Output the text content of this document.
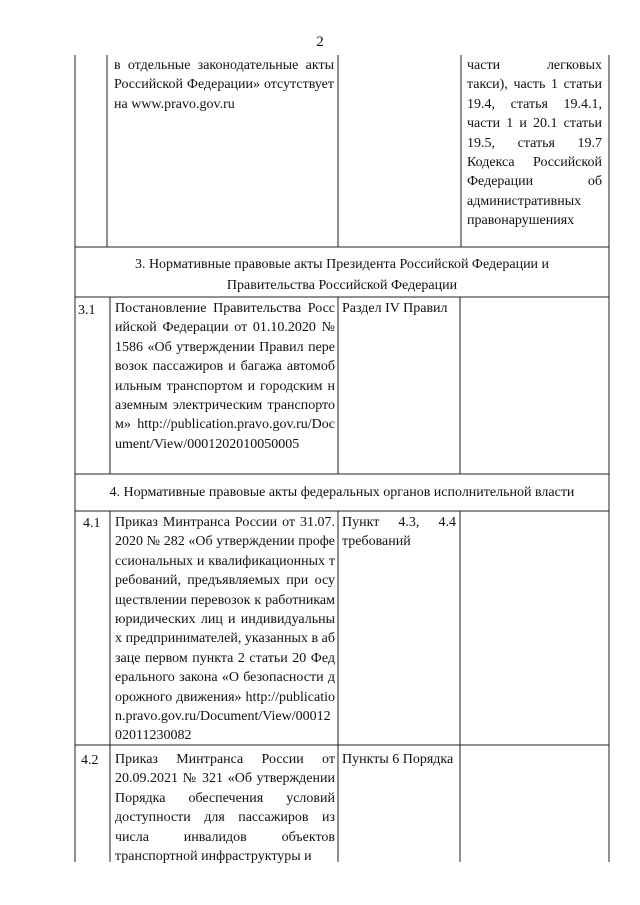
2
в отдельные законодательные акты Российской Федерации» отсутствует на www.pravo.gov.ru
части легковых такси), часть 1 статьи 19.4, статья 19.4.1, части 1 и 20.1 статьи 19.5, статья 19.7 Кодекса Российской Федерации об административных правонарушениях
3. Нормативные правовые акты Президента Российской Федерации и Правительства Российской Федерации
3.1 Постановление Правительства Российской Федерации от 01.10.2020 № 1586 «Об утверждении Правил перевозок пассажиров и багажа автомобильным транспортом и городским наземным электрическим транспортом» http://publication.pravo.gov.ru/Document/View/0001202010050005
Раздел IV Правил
4. Нормативные правовые акты федеральных органов исполнительной власти
4.1 Приказ Минтранса России от 31.07.2020 № 282 «Об утверждении профессиональных и квалификационных требований, предъявляемых при осуществлении перевозок к работникам юридических лиц и индивидуальных предпринимателей, указанных в абзаце первом пункта 2 статьи 20 Федерального закона «О безопасности дорожного движения» http://publication.pravo.gov.ru/Document/View/0001202011230082
Пункт 4.3, 4.4 требований
4.2 Приказ Минтранса России от 20.09.2021 № 321 «Об утверждении Порядка обеспечения условий доступности для пассажиров из числа инвалидов объектов транспортной инфраструктуры и
Пункты 6 Порядка
